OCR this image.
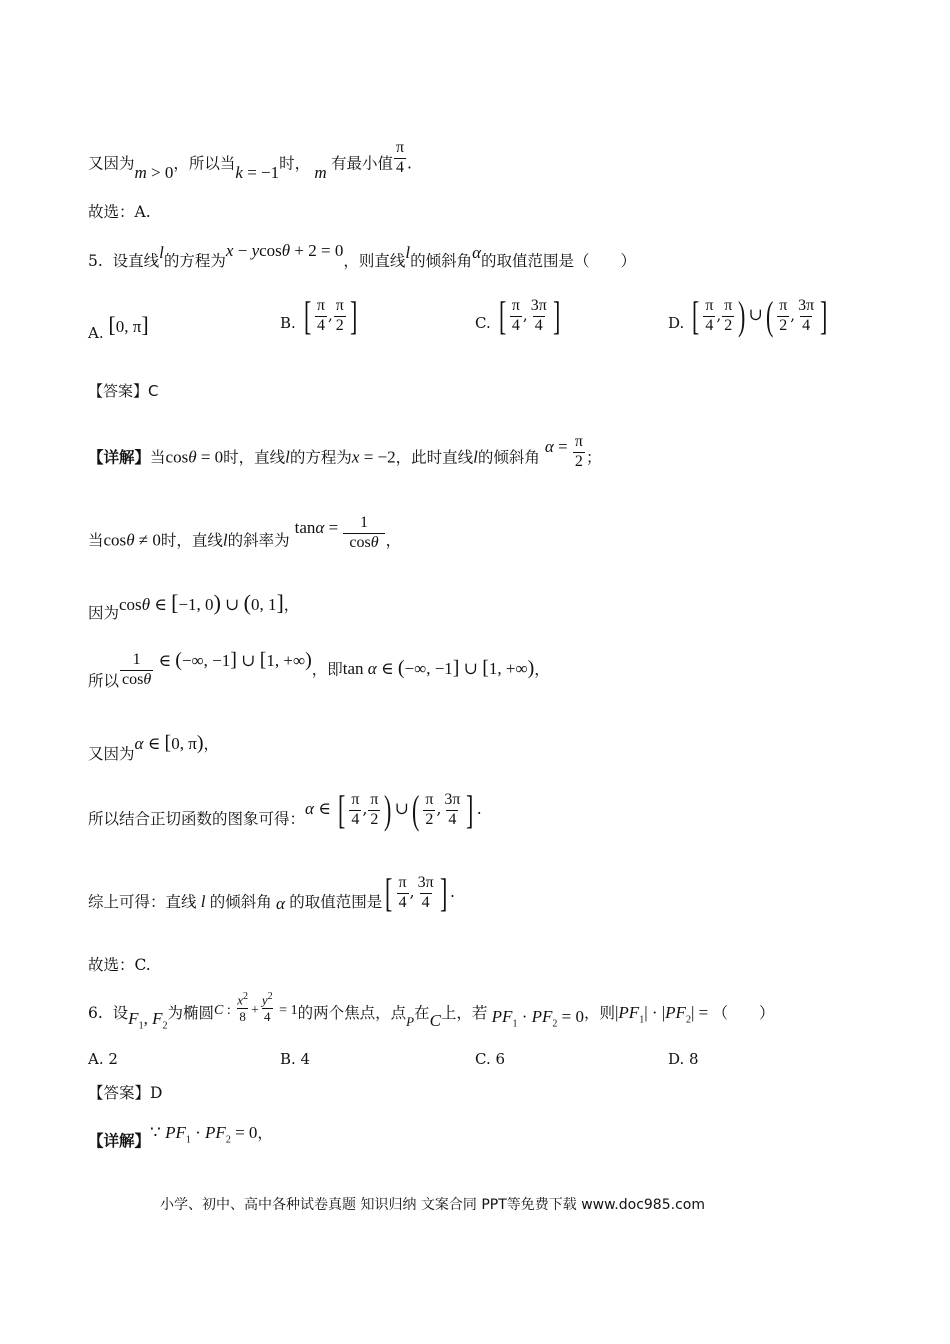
又因为m > 0，所以当k = −1时， m 有最小值 $\frac{\pi}{4}$ .
故选：A.
5. 设直线l的方程为x − ycosθ + 2 = 0，则直线l的倾斜角α的取值范围是（　　）
A. [0, π]	B. [ $\frac{\pi}{4}$ , $\frac{\pi}{2}$ ]	C. [ $\frac{\pi}{4}$ , $\frac{3\pi}{4}$ ]	D. [ $\frac{\pi}{4}$ , $\frac{\pi}{2}$ ) ∪( $\frac{\pi}{2}$ , $\frac{3\pi}{4}$ ]
【答案】C
【详解】当cosθ = 0时，直线l的方程为x = −2，此时直线l的倾斜角 $\alpha = \frac{\pi}{2}$ ；
当cosθ ≠ 0时，直线l的斜率为 $\tan\alpha = \frac{1}{\cos\theta}$ ，
因为cosθ ∈ [−1, 0) ∪ (0, 1]，
所以 $\frac{1}{\cos\theta}$ ∈ (−∞, −1] ∪ [1, +∞)，即tan α ∈ (−∞, −1] ∪ [1, +∞)，
又因为α ∈ [0, π)，
所以结合正切函数的图象可得：α ∈ [ $\frac{\pi}{4}$ , $\frac{\pi}{2}$ ) ∪( $\frac{\pi}{2}$ , $\frac{3\pi}{4}$ ] .
综上可得：直线 l 的倾斜角 α 的取值范围是[ $\frac{\pi}{4}$ , $\frac{3\pi}{4}$ ] .
故选：C.
6. 设$F_1$, $F_2$为椭圆C : $\frac{x^2}{8} + \frac{y^2}{4} = 1$的两个焦点，点$_P$在C上，若 $PF_1 \cdot PF_2 = 0$，则$|PF_1| \cdot |PF_2|$ = （　　）
A. 2	B. 4	C. 6	D. 8
【答案】D
【详解】∵ $PF_1 \cdot PF_2 = 0$，
小学、初中、高中各种试卷真题 知识归纳 文案合同 PPT等免费下载 www.doc985.com
